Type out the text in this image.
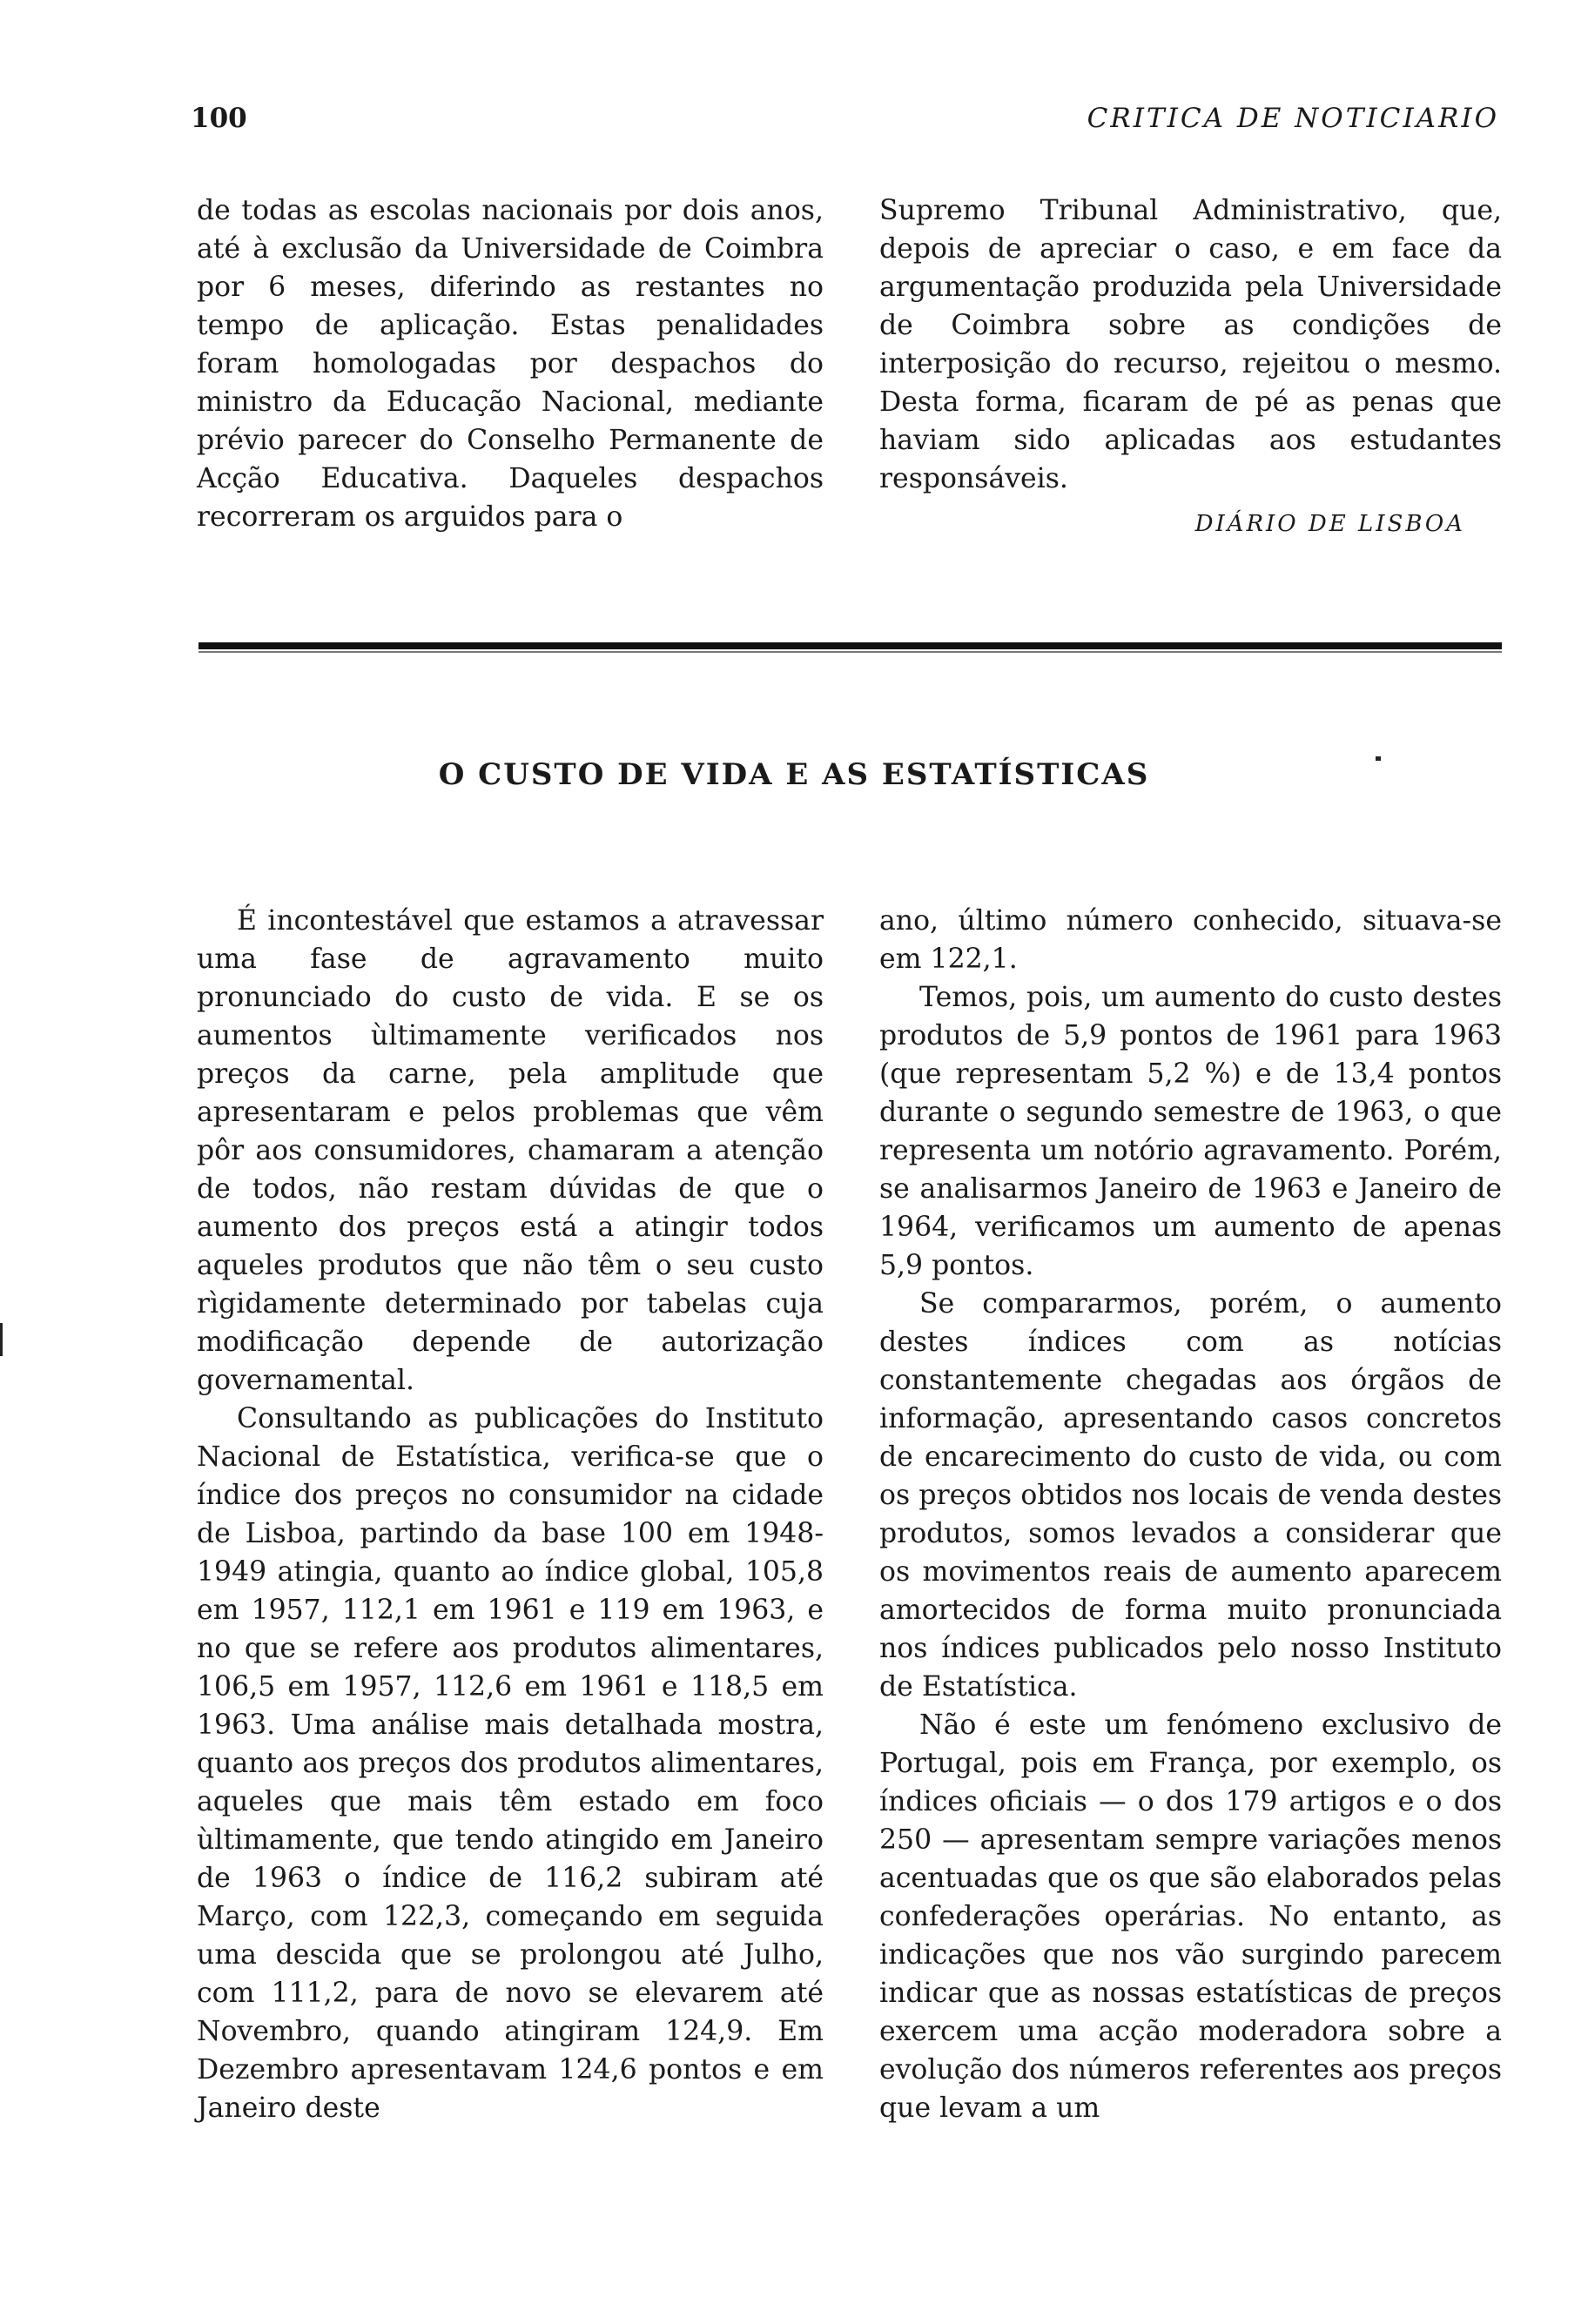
100	CRITICA DE NOTICIARIO

de todas as escolas nacionais por dois anos, até à exclusão da Universidade de Coimbra por 6 meses, diferindo as restantes no tempo de aplicação. Estas penalidades foram homologadas por despachos do ministro da Educação Nacional, mediante prévio parecer do Conselho Permanente de Acção Educativa. Daqueles despachos recorreram os arguidos para o

Supremo Tribunal Administrativo, que, depois de apreciar o caso, e em face da argumentação produzida pela Universidade de Coimbra sobre as condições de interposição do recurso, rejeitou o mesmo. Desta forma, ficaram de pé as penas que haviam sido aplicadas aos estudantes responsáveis.

DIÁRIO DE LISBOA

O CUSTO DE VIDA E AS ESTATÍSTICAS

É incontestável que estamos a atravessar uma fase de agravamento muito pronunciado do custo de vida. E se os aumentos ùltimamente verificados nos preços da carne, pela amplitude que apresentaram e pelos problemas que vêm pôr aos consumidores, chamaram a atenção de todos, não restam dúvidas de que o aumento dos preços está a atingir todos aqueles produtos que não têm o seu custo rìgidamente determinado por tabelas cuja modificação depende de autorização governamental.

Consultando as publicações do Instituto Nacional de Estatística, verifica-se que o índice dos preços no consumidor na cidade de Lisboa, partindo da base 100 em 1948-1949 atingia, quanto ao índice global, 105,8 em 1957, 112,1 em 1961 e 119 em 1963, e no que se refere aos produtos alimentares, 106,5 em 1957, 112,6 em 1961 e 118,5 em 1963. Uma análise mais detalhada mostra, quanto aos preços dos produtos alimentares, aqueles que mais têm estado em foco ùltimamente, que tendo atingido em Janeiro de 1963 o índice de 116,2 subiram até Março, com 122,3, começando em seguida uma descida que se prolongou até Julho, com 111,2, para de novo se elevarem até Novembro, quando atingiram 124,9. Em Dezembro apresentavam 124,6 pontos e em Janeiro deste

ano, último número conhecido, situava-se em 122,1.

Temos, pois, um aumento do custo destes produtos de 5,9 pontos de 1961 para 1963 (que representam 5,2 %) e de 13,4 pontos durante o segundo semestre de 1963, o que representa um notório agravamento. Porém, se analisarmos Janeiro de 1963 e Janeiro de 1964, verificamos um aumento de apenas 5,9 pontos.

Se compararmos, porém, o aumento destes índices com as notícias constantemente chegadas aos órgãos de informação, apresentando casos concretos de encarecimento do custo de vida, ou com os preços obtidos nos locais de venda destes produtos, somos levados a considerar que os movimentos reais de aumento aparecem amortecidos de forma muito pronunciada nos índices publicados pelo nosso Instituto de Estatística.

Não é este um fenómeno exclusivo de Portugal, pois em França, por exemplo, os índices oficiais — o dos 179 artigos e o dos 250 — apresentam sempre variações menos acentuadas que os que são elaborados pelas confederações operárias. No entanto, as indicações que nos vão surgindo parecem indicar que as nossas estatísticas de preços exercem uma acção moderadora sobre a evolução dos números referentes aos preços que levam a um
